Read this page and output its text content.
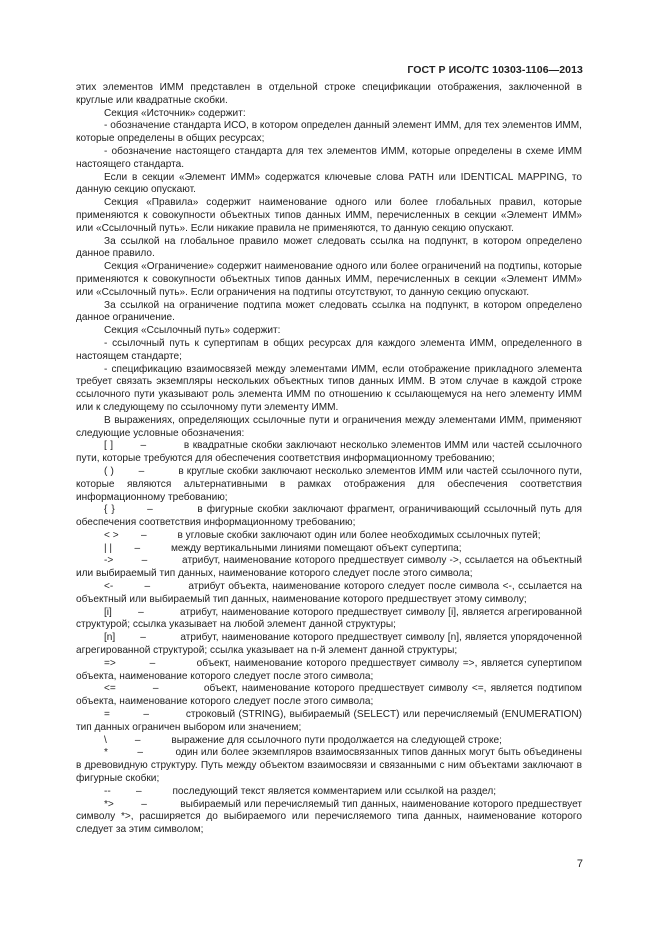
ГОСТ Р ИСО/ТС 10303-1106—2013

этих элементов ИММ представлен в отдельной строке спецификации отображения, заключенной в круглые или квадратные скобки.

Секция «Источник» содержит:

- обозначение стандарта ИСО, в котором определен данный элемент ИММ, для тех элементов ИММ, которые определены в общих ресурсах;
- обозначение настоящего стандарта для тех элементов ИММ, которые определены в схеме ИММ настоящего стандарта.

Если в секции «Элемент ИММ» содержатся ключевые слова PATH или IDENTICAL MAPPING, то данную секцию опускают.

Секция «Правила» содержит наименование одного или более глобальных правил, которые применяются к совокупности объектных типов данных ИММ, перечисленных в секции «Элемент ИММ» или «Ссылочный путь». Если никакие правила не применяются, то данную секцию опускают.

За ссылкой на глобальное правило может следовать ссылка на подпункт, в котором определено данное правило.

Секция «Ограничение» содержит наименование одного или более ограничений на подтипы, которые применяются к совокупности объектных типов данных ИММ, перечисленных в секции «Элемент ИММ» или «Ссылочный путь». Если ограничения на подтипы отсутствуют, то данную секцию опускают.

За ссылкой на ограничение подтипа может следовать ссылка на подпункт, в котором определено данное ограничение.

Секция «Ссылочный путь» содержит:

- ссылочный путь к супертипам в общих ресурсах для каждого элемента ИММ, определенного в настоящем стандарте;

- спецификацию взаимосвязей между элементами ИММ, если отображение прикладного элемента требует связать экземпляры нескольких объектных типов данных ИММ. В этом случае в каждой строке ссылочного пути указывают роль элемента ИММ по отношению к ссылающемуся на него элементу ИММ или к следующему по ссылочному пути элементу ИММ.

В выражениях, определяющих ссылочные пути и ограничения между элементами ИММ, применяют следующие условные обозначения:

[ ]        –           в квадратные скобки заключают несколько элементов ИММ или частей ссылочного пути, которые требуются для обеспечения соответствия информационному требованию;

( )        –           в круглые скобки заключают несколько элементов ИММ или частей ссылочного пути, которые являются альтернативными в рамках отображения для обеспечения соответствия информационному требованию;

{ }        –           в фигурные скобки заключают фрагмент, ограничивающий ссылочный путь для обеспечения соответствия информационному требованию;

< >        –           в угловые скобки заключают один или более необходимых ссылочных путей;

| |        –           между вертикальными линиями помещают объект супертипа;

->         –           атрибут, наименование которого предшествует символу ->, ссылается на объектный или выбираемый тип данных, наименование которого следует после этого символа;

<-         –           атрибут объекта, наименование которого следует после символа <-, ссылается на объектный или выбираемый тип данных, наименование которого предшествует этому символу;

[i]        –           атрибут, наименование которого предшествует символу [i], является агрегированной структурой; ссылка указывает на любой элемент данной структуры;

[n]        –           атрибут, наименование которого предшествует символу [n], является упорядоченной агрегированной структурой; ссылка указывает на n-й элемент данной структуры;

=>         –           объект, наименование которого предшествует символу =>, является супертипом объекта, наименование которого следует после этого символа;

<=         –           объект, наименование которого предшествует символу <=, является подтипом объекта, наименование которого следует после этого символа;

=          –           строковый (STRING), выбираемый (SELECT) или перечисляемый (ENUMERATION) тип данных ограничен выбором или значением;

\          –           выражение для ссылочного пути продолжается на следующей строке;

*          –           один или более экземпляров взаимосвязанных типов данных могут быть объединены в древовидную структуру. Путь между объектом взаимосвязи и связанными с ним объектами заключают в фигурные скобки;

--         –           последующий текст является комментарием или ссылкой на раздел;

*>         –           выбираемый или перечисляемый тип данных, наименование которого предшествует символу *>, расширяется до выбираемого или перечисляемого типа данных, наименование которого следует за этим символом;

7
